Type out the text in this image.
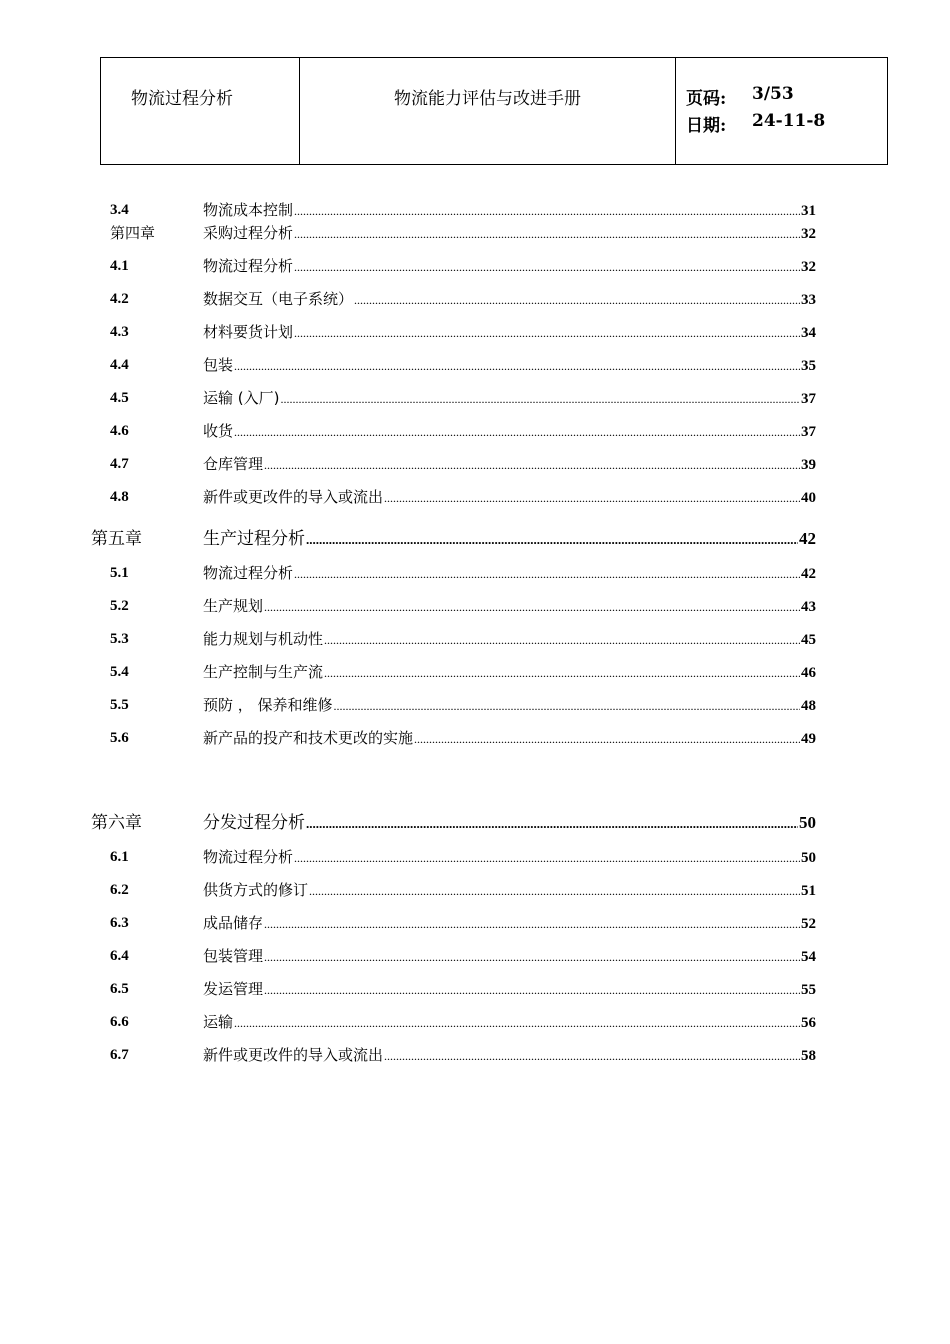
物流过程分析	物流能力评估与改进手册	页码:	3/53
日期:	24-11-8
3.4	物流成本控制 .....	31
第四章	采购过程分析 .....	32
4.1	物流过程分析 .....	32
4.2	数据交互（电子系统） .....	33
4.3	材料要货计划 .....	34
4.4	包装 .....	35
4.5	运输 (入厂) .....	37
4.6	收货 .....	37
4.7	仓库管理 .....	39
4.8	新件或更改件的导入或流出 .....	40
第五章	生产过程分析 .....	42
5.1	物流过程分析 .....	42
5.2	生产规划 .....	43
5.3	能力规划与机动性 .....	45
5.4	生产控制与生产流 .....	46
5.5	预防 ， 保养和维修 .....	48
5.6	新产品的投产和技术更改的实施 .....	49
第六章	分发过程分析 .....	50
6.1	物流过程分析 .....	50
6.2	供货方式的修订 .....	51
6.3	成品储存 .....	52
6.4	包装管理 .....	54
6.5	发运管理 .....	55
6.6	运输 .....	56
6.7	新件或更改件的导入或流出 .....	58
